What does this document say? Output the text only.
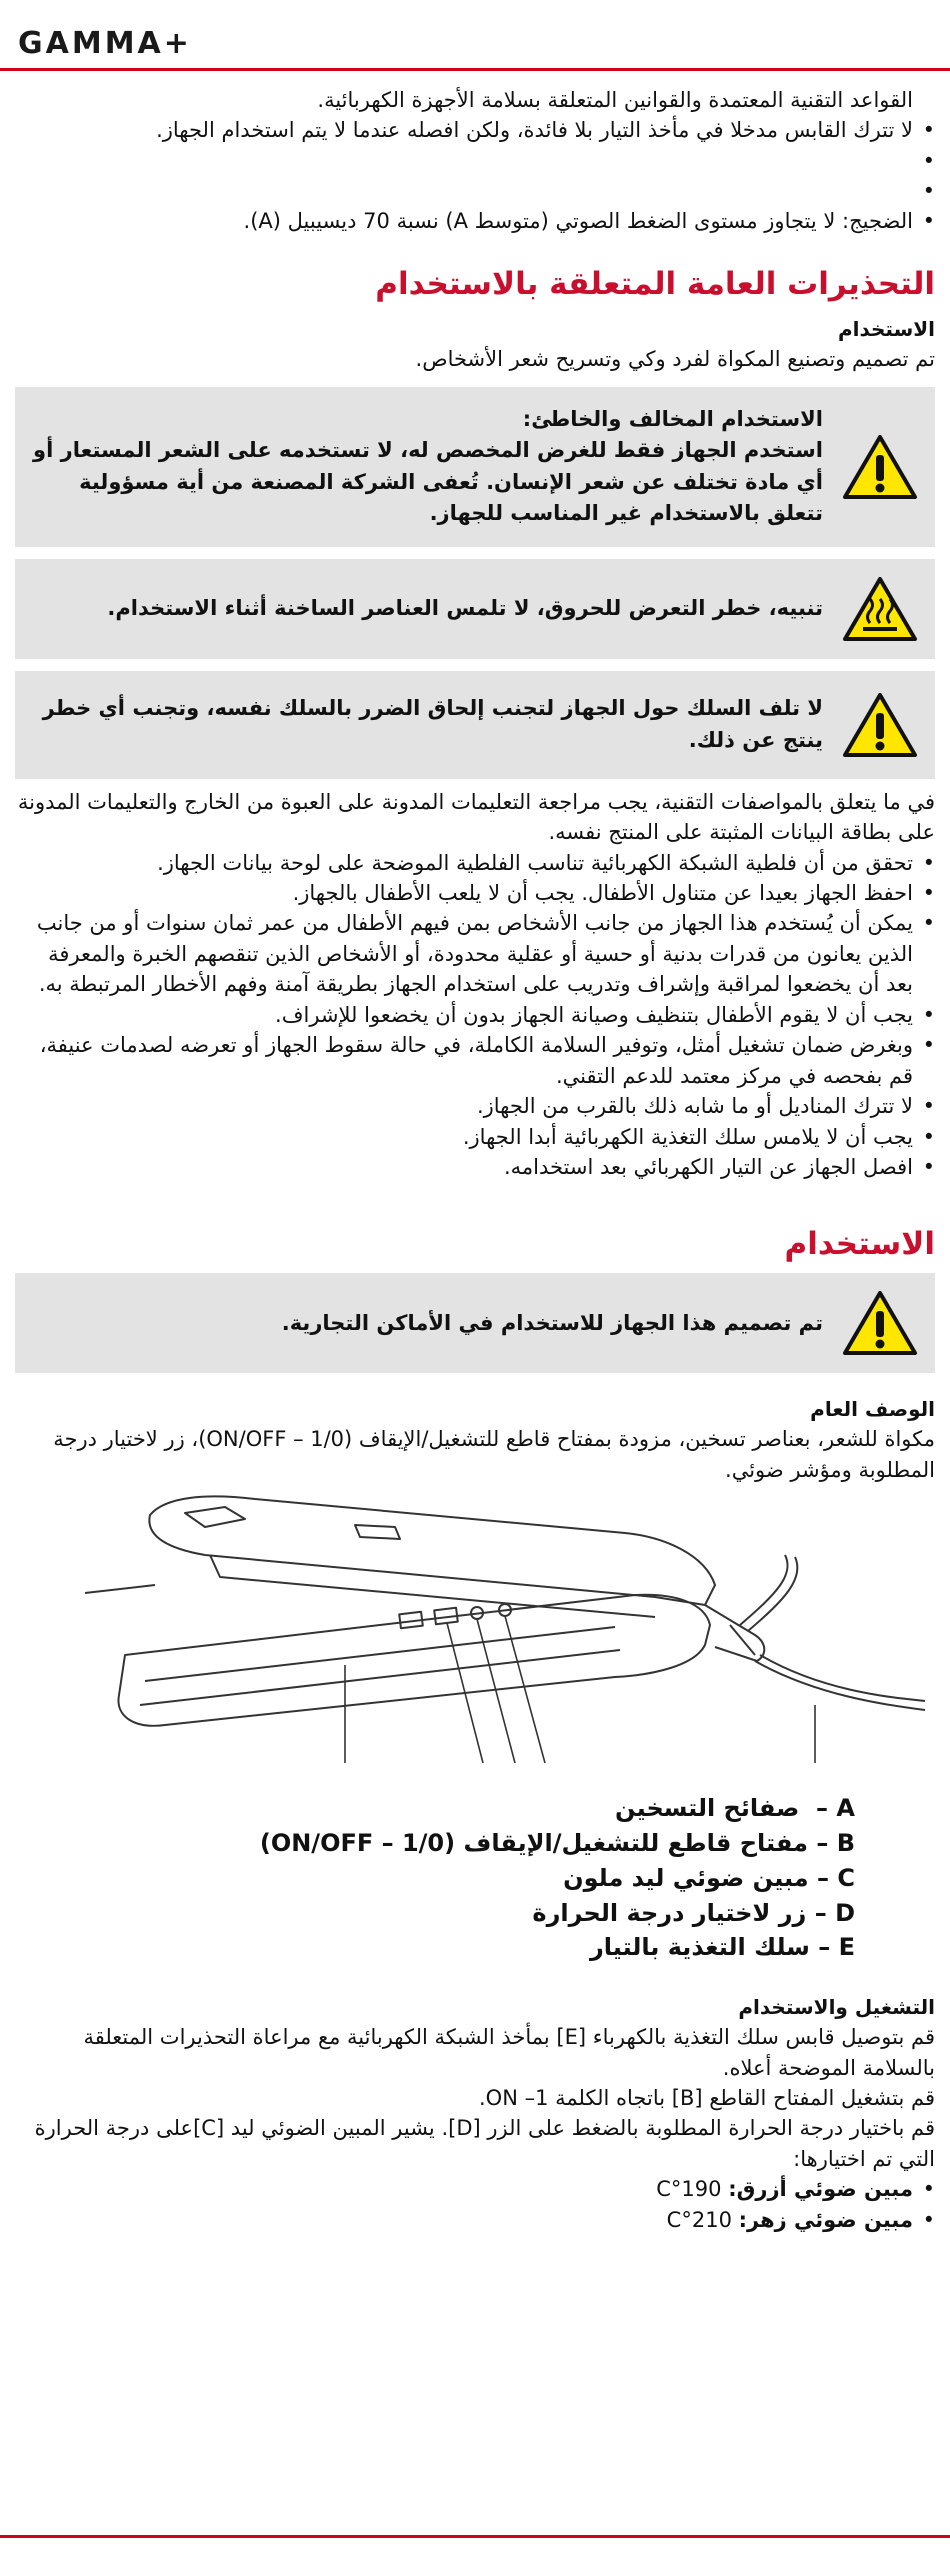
GAMMA+

القواعد التقنية المعتمدة والقوانين المتعلقة بسلامة الأجهزة الكهربائية.

• لا تترك القابس مدخلا في مأخذ التيار بلا فائدة، ولكن افصله عندما لا يتم استخدام الجهاز.
•
•
• الضجيج: لا يتجاوز مستوى الضغط الصوتي (متوسط A) نسبة 70 ديسيبيل (A).
التحذيرات العامة المتعلقة بالاستخدام
الاستخدام

تم تصميم وتصنيع المكواة لفرد وكي وتسريح شعر الأشخاص.

الاستخدام المخالف والخاطئ:
استخدم الجهاز فقط للغرض المخصص له، لا تستخدمه على الشعر المستعار أو أي مادة تختلف عن شعر الإنسان. تُعفى الشركة المصنعة من أية مسؤولية تتعلق بالاستخدام غير المناسب للجهاز.
تنبيه، خطر التعرض للحروق، لا تلمس العناصر الساخنة أثناء الاستخدام.
لا تلف السلك حول الجهاز لتجنب إلحاق الضرر بالسلك نفسه، وتجنب أي خطر ينتج عن ذلك.

في ما يتعلق بالمواصفات التقنية، يجب مراجعة التعليمات المدونة على العبوة من الخارج والتعليمات المدونة على بطاقة البيانات المثبتة على المنتج نفسه.

• تحقق من أن فلطية الشبكة الكهربائية تناسب الفلطية الموضحة على لوحة بيانات الجهاز.
• احفظ الجهاز بعيدا عن متناول الأطفال. يجب أن لا يلعب الأطفال بالجهاز.
• يمكن أن يُستخدم هذا الجهاز من جانب الأشخاص بمن فيهم الأطفال من عمر ثمان سنوات أو من جانب الذين يعانون من قدرات بدنية أو حسية أو عقلية محدودة، أو الأشخاص الذين تنقصهم الخبرة والمعرفة بعد أن يخضعوا لمراقبة وإشراف وتدريب على استخدام الجهاز بطريقة آمنة وفهم الأخطار المرتبطة به.
• يجب أن لا يقوم الأطفال بتنظيف وصيانة الجهاز بدون أن يخضعوا للإشراف.
• وبغرض ضمان تشغيل أمثل، وتوفير السلامة الكاملة، في حالة سقوط الجهاز أو تعرضه لصدمات عنيفة، قم بفحصه في مركز معتمد للدعم التقني.
• لا تترك المناديل أو ما شابه ذلك بالقرب من الجهاز.
• يجب أن لا يلامس سلك التغذية الكهربائية أبدا الجهاز.
• افصل الجهاز عن التيار الكهربائي بعد استخدامه.
الاستخدام
تم تصميم هذا الجهاز للاستخدام في الأماكن التجارية.
الوصف العام

مكواة للشعر، بعناصر تسخين، مزودة بمفتاح قاطع للتشغيل/الإيقاف (ON/OFF – 1/0)، زر لاختيار درجة المطلوبة ومؤشر ضوئي.

A –  صفائح التسخين
B – مفتاح قاطع للتشغيل/الإيقاف (ON/OFF – 1/0)
C – مبين ضوئي ليد ملون
D – زر لاختيار درجة الحرارة
E – سلك التغذية بالتيار
التشغيل والاستخدام

قم بتوصيل قابس سلك التغذية بالكهرباء [E] بمأخذ الشبكة الكهربائية مع مراعاة التحذيرات المتعلقة بالسلامة الموضحة أعلاه.

قم بتشغيل المفتاح القاطع [B] باتجاه الكلمة 1– ON.

قم باختيار درجة الحرارة المطلوبة بالضغط على الزر [D]. يشير المبين الضوئي ليد [C]على درجة الحرارة التي تم اختيارها:

• مبين ضوئي أزرق: 190°C
• مبين ضوئي زهر: 210°C
